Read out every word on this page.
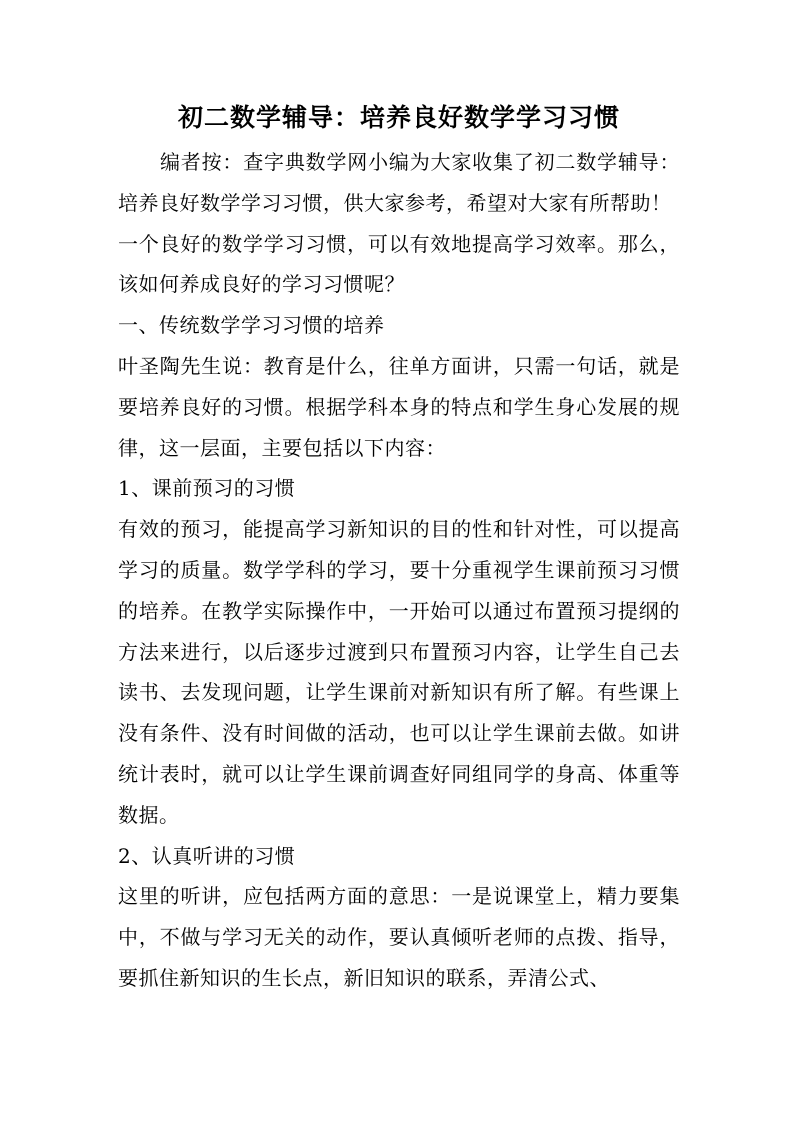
初二数学辅导：培养良好数学学习习惯

编者按：查字典数学网小编为大家收集了初二数学辅导：培养良好数学学习习惯，供大家参考，希望对大家有所帮助！

一个良好的数学学习习惯，可以有效地提高学习效率。那么，该如何养成良好的学习习惯呢？

一、传统数学学习习惯的培养

叶圣陶先生说：教育是什么，往单方面讲，只需一句话，就是要培养良好的习惯。根据学科本身的特点和学生身心发展的规律，这一层面，主要包括以下内容：

1、课前预习的习惯

有效的预习，能提高学习新知识的目的性和针对性，可以提高学习的质量。数学学科的学习，要十分重视学生课前预习习惯的培养。在教学实际操作中，一开始可以通过布置预习提纲的方法来进行，以后逐步过渡到只布置预习内容，让学生自己去读书、去发现问题，让学生课前对新知识有所了解。有些课上没有条件、没有时间做的活动，也可以让学生课前去做。如讲统计表时，就可以让学生课前调查好同组同学的身高、体重等数据。

2、认真听讲的习惯

这里的听讲，应包括两方面的意思：一是说课堂上，精力要集中，不做与学习无关的动作，要认真倾听老师的点拨、指导，要抓住新知识的生长点，新旧知识的联系，弄清公式、
